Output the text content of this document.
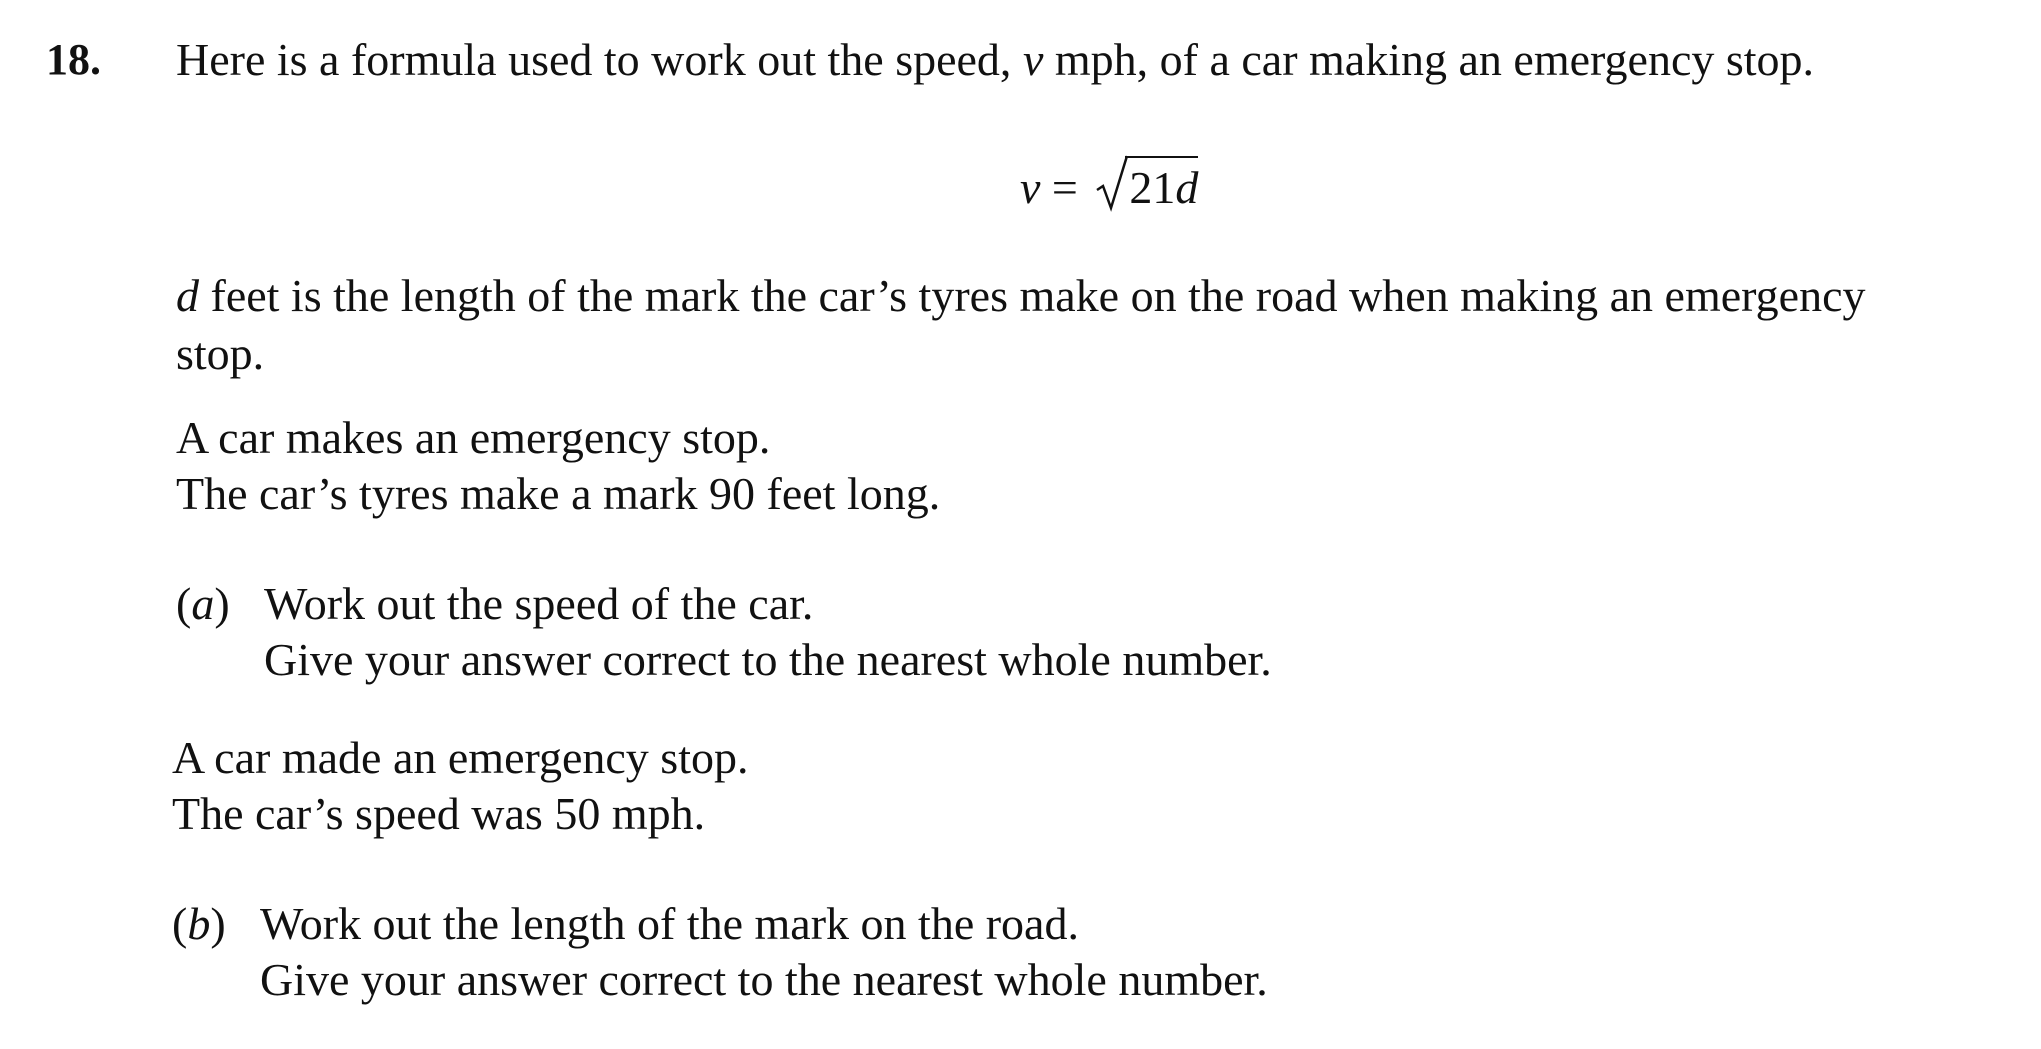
18. Here is a formula used to work out the speed, v mph, of a car making an emergency stop.
v =
21d
d feet is the length of the mark the car’s tyres make on the road when making an emergency
stop.
A car makes an emergency stop.
The car’s tyres make a mark 90 feet long.
(a) Work out the speed of the car.
Give your answer correct to the nearest whole number.
A car made an emergency stop.
The car’s speed was 50 mph.
(b) Work out the length of the mark on the road.
Give your answer correct to the nearest whole number.
